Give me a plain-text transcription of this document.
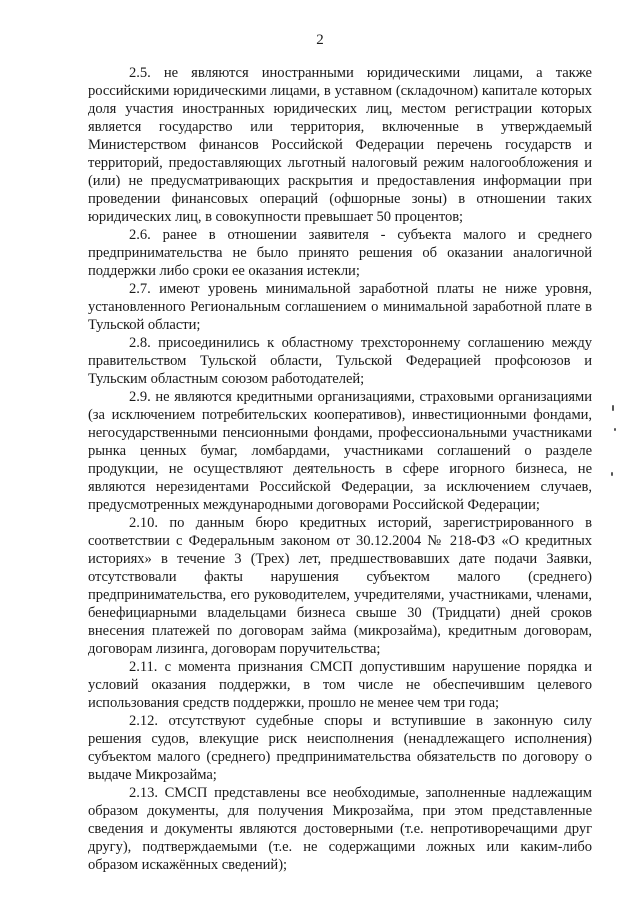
2

2.5. не являются иностранными юридическими лицами, а также российскими юридическими лицами, в уставном (складочном) капитале которых доля участия иностранных юридических лиц, местом регистрации которых является государство или территория, включенные в утверждаемый Министерством финансов Российской Федерации перечень государств и территорий, предоставляющих льготный налоговый режим налогообложения и (или) не предусматривающих раскрытия и предоставления информации при проведении финансовых операций (офшорные зоны) в отношении таких юридических лиц, в совокупности превышает 50 процентов;

2.6. ранее в отношении заявителя - субъекта малого и среднего предпринимательства не было принято решения об оказании аналогичной поддержки либо сроки ее оказания истекли;

2.7. имеют уровень минимальной заработной платы не ниже уровня, установленного Региональным соглашением о минимальной заработной плате в Тульской области;

2.8. присоединились к областному трехстороннему соглашению между правительством Тульской области, Тульской Федерацией профсоюзов и Тульским областным союзом работодателей;

2.9. не являются кредитными организациями, страховыми организациями (за исключением потребительских кооперативов), инвестиционными фондами, негосударственными пенсионными фондами, профессиональными участниками рынка ценных бумаг, ломбардами, участниками соглашений о разделе продукции, не осуществляют деятельность в сфере игорного бизнеса, не являются нерезидентами Российской Федерации, за исключением случаев, предусмотренных международными договорами Российской Федерации;

2.10. по данным бюро кредитных историй, зарегистрированного в соответствии с Федеральным законом от 30.12.2004 № 218-ФЗ «О кредитных историях» в течение 3 (Трех) лет, предшествовавших дате подачи Заявки, отсутствовали факты нарушения субъектом малого (среднего) предпринимательства, его руководителем, учредителями, участниками, членами, бенефициарными владельцами бизнеса свыше 30 (Тридцати) дней сроков внесения платежей по договорам займа (микрозайма), кредитным договорам, договорам лизинга, договорам поручительства;

2.11. с момента признания СМСП допустившим нарушение порядка и условий оказания поддержки, в том числе не обеспечившим целевого использования средств поддержки, прошло не менее чем три года;

2.12. отсутствуют судебные споры и вступившие в законную силу решения судов, влекущие риск неисполнения (ненадлежащего исполнения) субъектом малого (среднего) предпринимательства обязательств по договору о выдаче Микрозайма;

2.13. СМСП представлены все необходимые, заполненные надлежащим образом документы, для получения Микрозайма, при этом представленные сведения и документы являются достоверными (т.е. непротиворечащими друг другу), подтверждаемыми (т.е. не содержащими ложных или каким-либо образом искажённых сведений);
